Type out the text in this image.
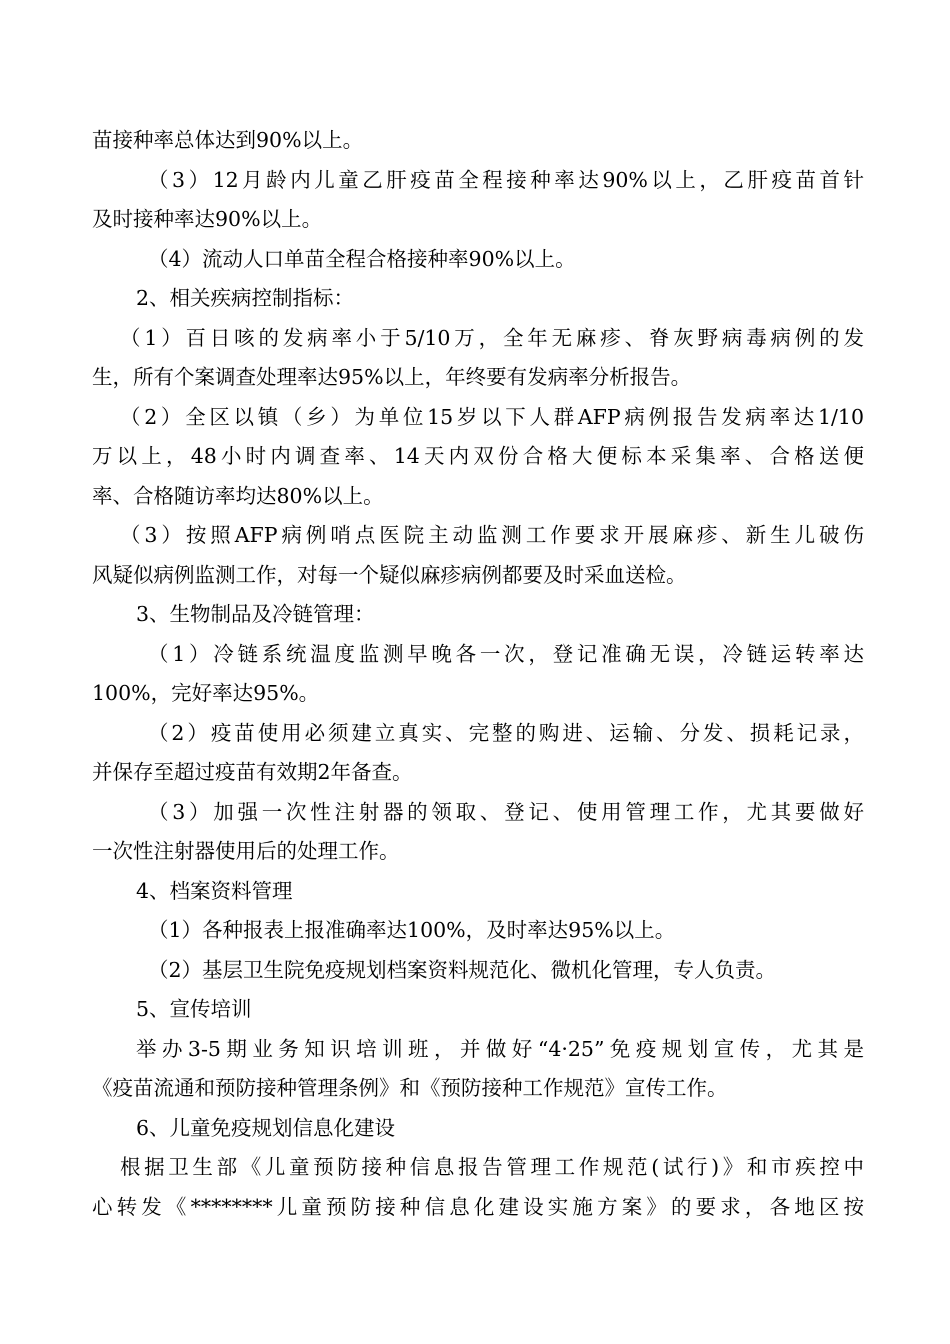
苗接种率总体达到90%以上。
（3）12月龄内儿童乙肝疫苗全程接种率达90%以上，乙肝疫苗首针
及时接种率达90%以上。
（4）流动人口单苗全程合格接种率90%以上。
2、相关疾病控制指标：
（1）百日咳的发病率小于5/10万，全年无麻疹、脊灰野病毒病例的发
生，所有个案调查处理率达95%以上，年终要有发病率分析报告。
（2）全区以镇（乡）为单位15岁以下人群AFP病例报告发病率达1/10
万以上，48小时内调查率、14天内双份合格大便标本采集率、合格送便
率、合格随访率均达80%以上。
（3）按照AFP病例哨点医院主动监测工作要求开展麻疹、新生儿破伤
风疑似病例监测工作，对每一个疑似麻疹病例都要及时采血送检。
3、生物制品及冷链管理：
（1）冷链系统温度监测早晚各一次，登记准确无误，冷链运转率达
100%，完好率达95%。
（2）疫苗使用必须建立真实、完整的购进、运输、分发、损耗记录，
并保存至超过疫苗有效期2年备查。
（3）加强一次性注射器的领取、登记、使用管理工作，尤其要做好
一次性注射器使用后的处理工作。
4、档案资料管理
（1）各种报表上报准确率达100%，及时率达95%以上。
（2）基层卫生院免疫规划档案资料规范化、微机化管理，专人负责。
5、宣传培训
举办3-5期业务知识培训班，并做好“4·25”免疫规划宣传，尤其是
《疫苗流通和预防接种管理条例》和《预防接种工作规范》宣传工作。
6、儿童免疫规划信息化建设
根据卫生部《儿童预防接种信息报告管理工作规范(试行)》和市疾控中
心转发《********儿童预防接种信息化建设实施方案》的要求，各地区按
